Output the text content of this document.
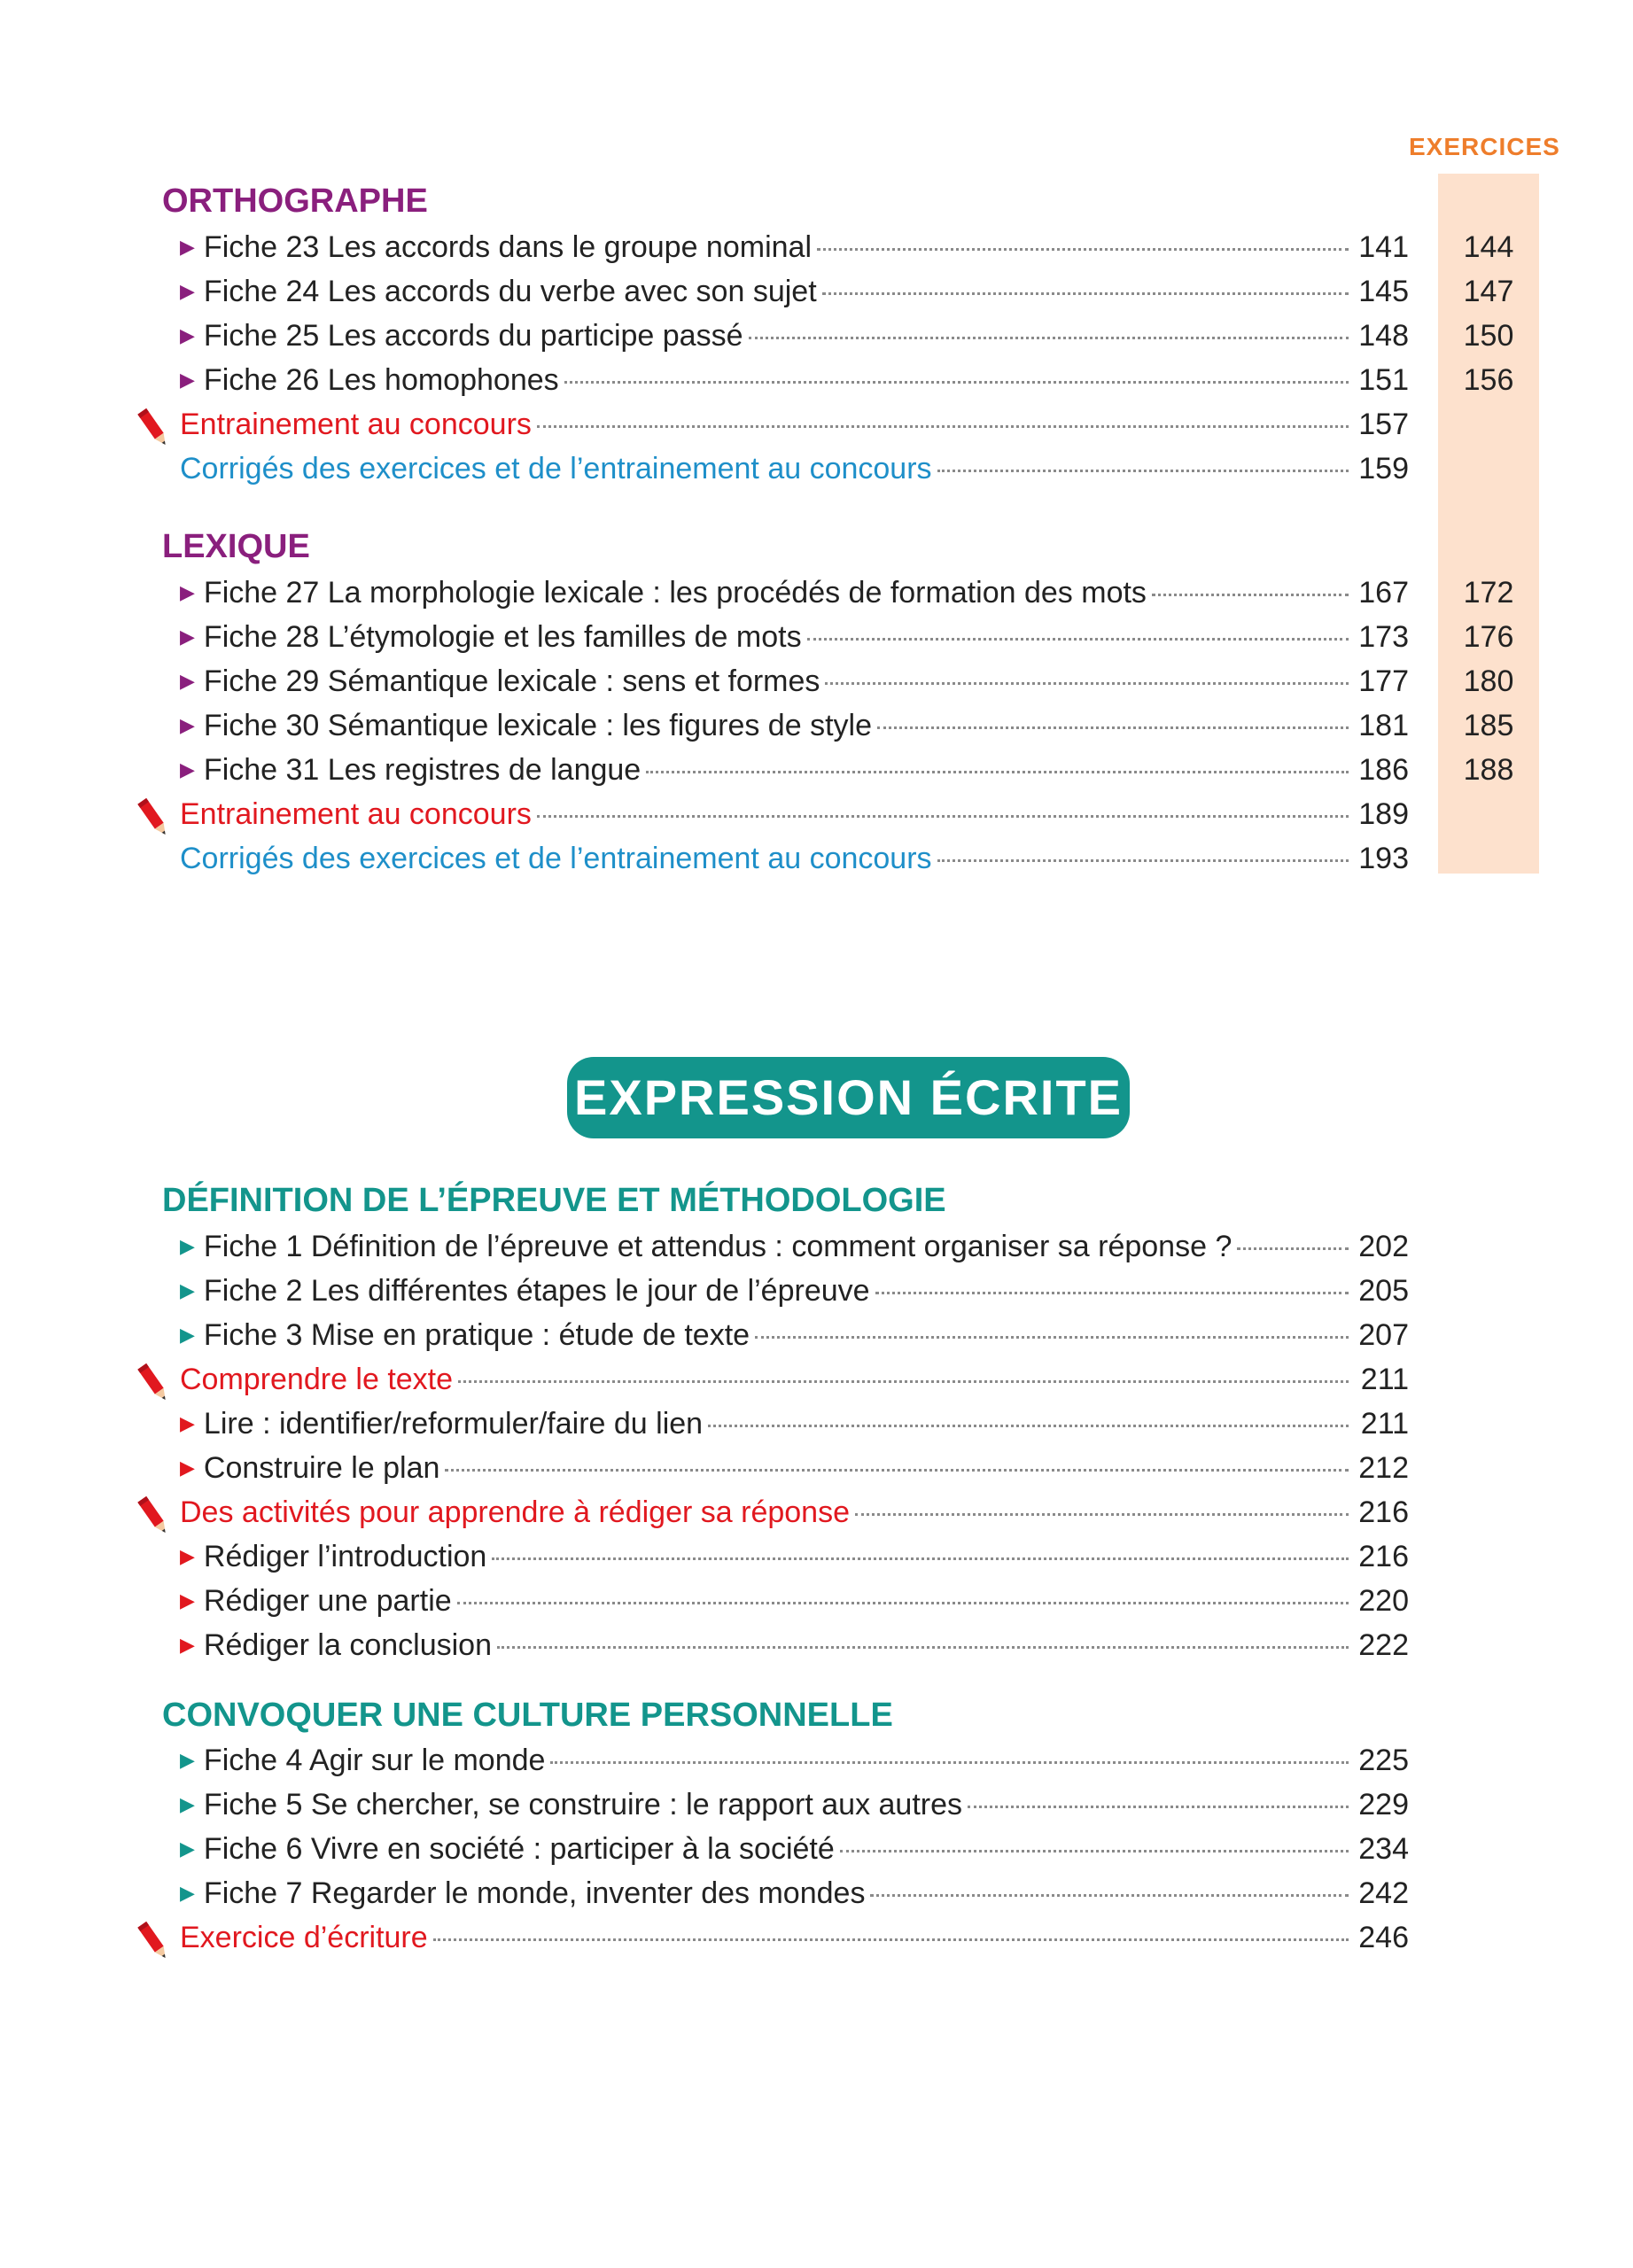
EXERCICES
ORTHOGRAPHE
▶ Fiche 23 Les accords dans le groupe nominal	141	144
▶ Fiche 24 Les accords du verbe avec son sujet	145	147
▶ Fiche 25 Les accords du participe passé	148	150
▶ Fiche 26 Les homophones	151	156
Entrainement au concours	157
Corrigés des exercices et de l’entrainement au concours	159
LEXIQUE
▶ Fiche 27 La morphologie lexicale : les procédés de formation des mots	167	172
▶ Fiche 28 L’étymologie et les familles de mots	173	176
▶ Fiche 29 Sémantique lexicale : sens et formes	177	180
▶ Fiche 30 Sémantique lexicale : les figures de style	181	185
▶ Fiche 31 Les registres de langue	186	188
Entrainement au concours	189
Corrigés des exercices et de l’entrainement au concours	193
EXPRESSION ÉCRITE
DÉFINITION DE L’ÉPREUVE ET MÉTHODOLOGIE
▶ Fiche 1 Définition de l’épreuve et attendus : comment organiser sa réponse ?	202
▶ Fiche 2 Les différentes étapes le jour de l’épreuve	205
▶ Fiche 3 Mise en pratique : étude de texte	207
Comprendre le texte	211
▶ Lire : identifier/reformuler/faire du lien	211
▶ Construire le plan	212
Des activités pour apprendre à rédiger sa réponse	216
▶ Rédiger l’introduction	216
▶ Rédiger une partie	220
▶ Rédiger la conclusion	222
CONVOQUER UNE CULTURE PERSONNELLE
▶ Fiche 4 Agir sur le monde	225
▶ Fiche 5 Se chercher, se construire : le rapport aux autres	229
▶ Fiche 6 Vivre en société : participer à la société	234
▶ Fiche 7 Regarder le monde, inventer des mondes	242
Exercice d’écriture	246
